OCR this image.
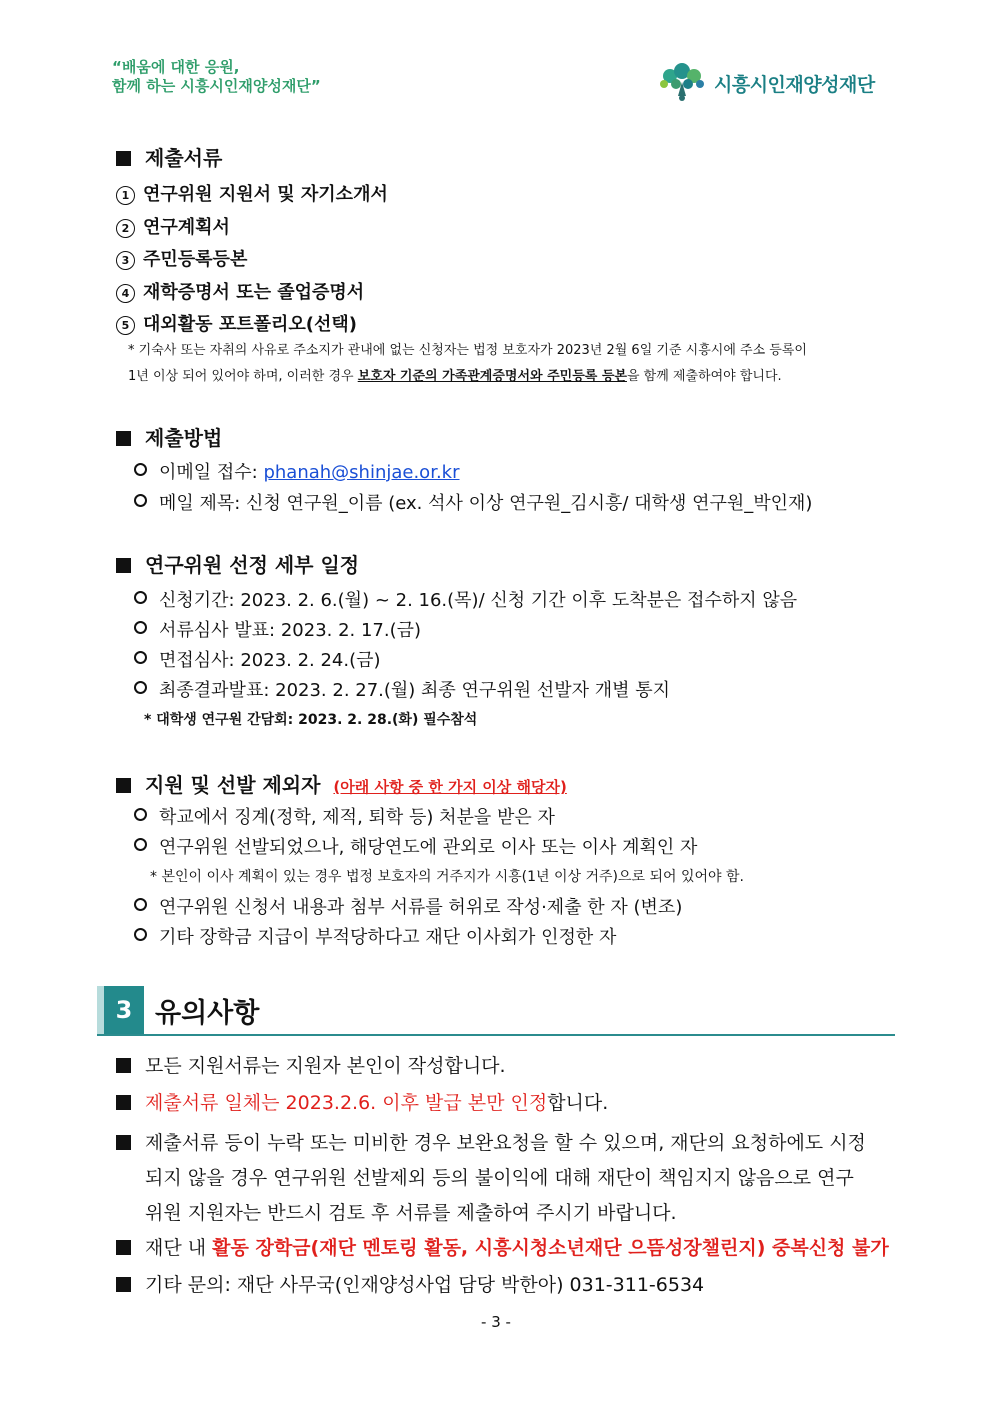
“배움에 대한 응원,
함께 하는 시흥시인재양성재단”	시흥시인재양성재단
제출서류
1 연구위원 지원서 및 자기소개서
2 연구계획서
3 주민등록등본
4 재학증명서 또는 졸업증명서
5 대외활동 포트폴리오(선택)
* 기숙사 또는 자취의 사유로 주소지가 관내에 없는 신청자는 법정 보호자가 2023년 2월 6일 기준 시흥시에 주소 등록이
1년 이상 되어 있어야 하며, 이러한 경우 보호자 기준의 가족관계증명서와 주민등록 등본을 함께 제출하여야 합니다.
제출방법
이메일 접수: phanah@shinjae.or.kr
메일 제목: 신청 연구원_이름 (ex. 석사 이상 연구원_김시흥/ 대학생 연구원_박인재)
연구위원 선정 세부 일정
신청기간: 2023. 2. 6.(월) ~ 2. 16.(목)/ 신청 기간 이후 도착분은 접수하지 않음
서류심사 발표: 2023. 2. 17.(금)
면접심사: 2023. 2. 24.(금)
최종결과발표: 2023. 2. 27.(월) 최종 연구위원 선발자 개별 통지
* 대학생 연구원 간담회: 2023. 2. 28.(화) 필수참석
지원 및 선발 제외자 (아래 사항 중 한 가지 이상 해당자)
학교에서 징계(정학, 제적, 퇴학 등) 처분을 받은 자
연구위원 선발되었으나, 해당연도에 관외로 이사 또는 이사 계획인 자
* 본인이 이사 계획이 있는 경우 법정 보호자의 거주지가 시흥(1년 이상 거주)으로 되어 있어야 함.
연구위원 신청서 내용과 첨부 서류를 허위로 작성·제출 한 자 (변조)
기타 장학금 지급이 부적당하다고 재단 이사회가 인정한 자
3 유의사항
모든 지원서류는 지원자 본인이 작성합니다.
제출서류 일체는 2023.2.6. 이후 발급 본만 인정합니다.
제출서류 등이 누락 또는 미비한 경우 보완요청을 할 수 있으며, 재단의 요청하에도 시정
되지 않을 경우 연구위원 선발제외 등의 불이익에 대해 재단이 책임지지 않음으로 연구
위원 지원자는 반드시 검토 후 서류를 제출하여 주시기 바랍니다.
재단 내 활동 장학금(재단 멘토링 활동, 시흥시청소년재단 으뜸성장챌린지) 중복신청 불가
기타 문의: 재단 사무국(인재양성사업 담당 박한아) 031-311-6534
- 3 -
